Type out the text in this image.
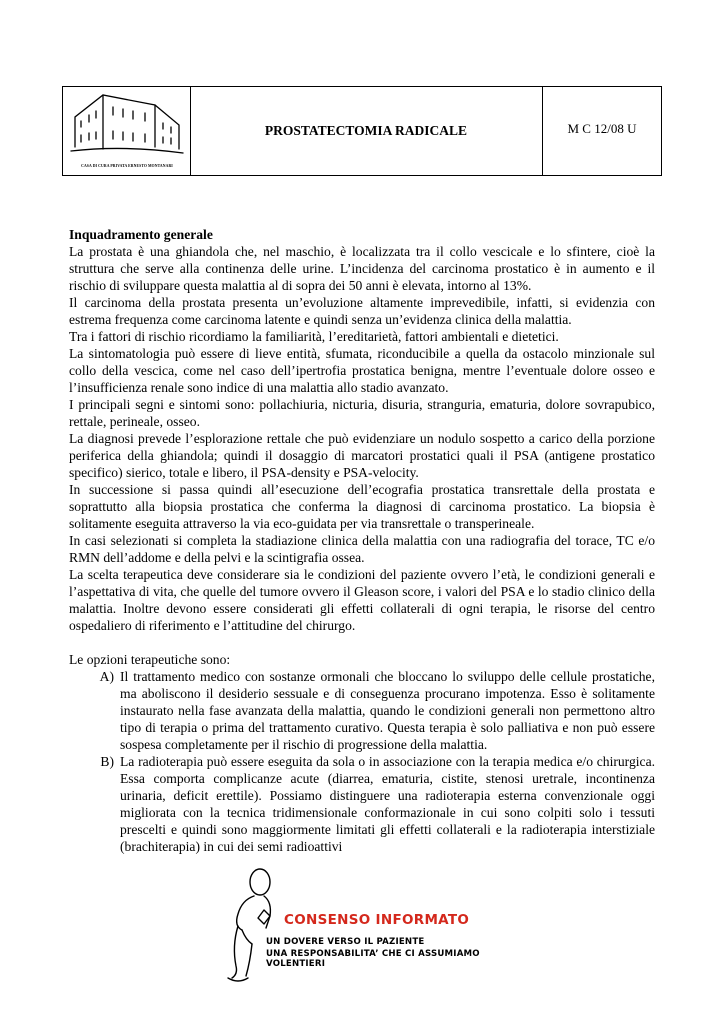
CASA DI CURA PRIVATA ERNESTO MONTANARI
PROSTATECTOMIA RADICALE	M C 12/08 U

Inquadramento generale

La prostata è una ghiandola che, nel maschio, è localizzata tra il collo vescicale e lo sfintere, cioè la struttura che serve alla continenza delle urine. L’incidenza del carcinoma prostatico è in aumento e il rischio di sviluppare questa malattia al di sopra dei 50 anni è elevata, intorno al 13%.

Il carcinoma della prostata presenta un’evoluzione altamente imprevedibile, infatti, si evidenzia con estrema frequenza come carcinoma latente e quindi senza un’evidenza clinica della malattia.

Tra i fattori di rischio ricordiamo la familiarità, l’ereditarietà, fattori ambientali e dietetici.

La sintomatologia può essere di lieve entità, sfumata, riconducibile a quella da ostacolo minzionale sul collo della vescica, come nel caso dell’ipertrofia prostatica benigna, mentre l’eventuale dolore osseo e l’insufficienza renale sono indice di una malattia allo stadio avanzato.

I principali segni e sintomi sono: pollachiuria, nicturia, disuria, stranguria, ematuria, dolore sovrapubico, rettale, perineale, osseo.

La diagnosi prevede l’esplorazione rettale che può evidenziare un nodulo sospetto a carico della porzione periferica della ghiandola; quindi il dosaggio di marcatori prostatici quali il PSA (antigene prostatico specifico) sierico, totale e libero, il PSA-density e PSA-velocity.

In successione si passa quindi all’esecuzione dell’ecografia prostatica transrettale della prostata e soprattutto alla biopsia prostatica che conferma la diagnosi di carcinoma prostatico. La biopsia è solitamente eseguita attraverso la via eco-guidata per via transrettale o transperineale.

In casi selezionati si completa la stadiazione clinica della malattia con una radiografia del torace, TC e/o RMN dell’addome e della pelvi e la scintigrafia ossea.

La scelta terapeutica deve considerare sia le condizioni del paziente ovvero l’età, le condizioni generali e l’aspettativa di vita, che quelle del tumore ovvero il Gleason score, i valori del PSA e lo stadio clinico della malattia. Inoltre devono essere considerati gli effetti collaterali di ogni terapia, le risorse del centro ospedaliero di riferimento e l’attitudine del chirurgo.

Le opzioni terapeutiche sono:

A) Il trattamento medico con sostanze ormonali che bloccano lo sviluppo delle cellule prostatiche, ma aboliscono il desiderio sessuale e di conseguenza procurano impotenza. Esso è solitamente instaurato nella fase avanzata della malattia, quando le condizioni generali non permettono altro tipo di terapia o prima del trattamento curativo. Questa terapia è solo palliativa e non può essere sospesa completamente per il rischio di progressione della malattia.
B) La radioterapia può essere eseguita da sola o in associazione con la terapia medica e/o chirurgica. Essa comporta complicanze acute (diarrea, ematuria, cistite, stenosi uretrale, incontinenza urinaria, deficit erettile). Possiamo distinguere una radioterapia esterna convenzionale oggi migliorata con la tecnica tridimensionale conformazionale in cui sono colpiti solo i tessuti prescelti e quindi sono maggiormente limitati gli effetti collaterali e la radioterapia interstiziale (brachiterapia) in cui dei semi radioattivi
CONSENSO INFORMATO
UN DOVERE VERSO IL PAZIENTE
UNA RESPONSABILITA’ CHE CI ASSUMIAMO VOLENTIERI
